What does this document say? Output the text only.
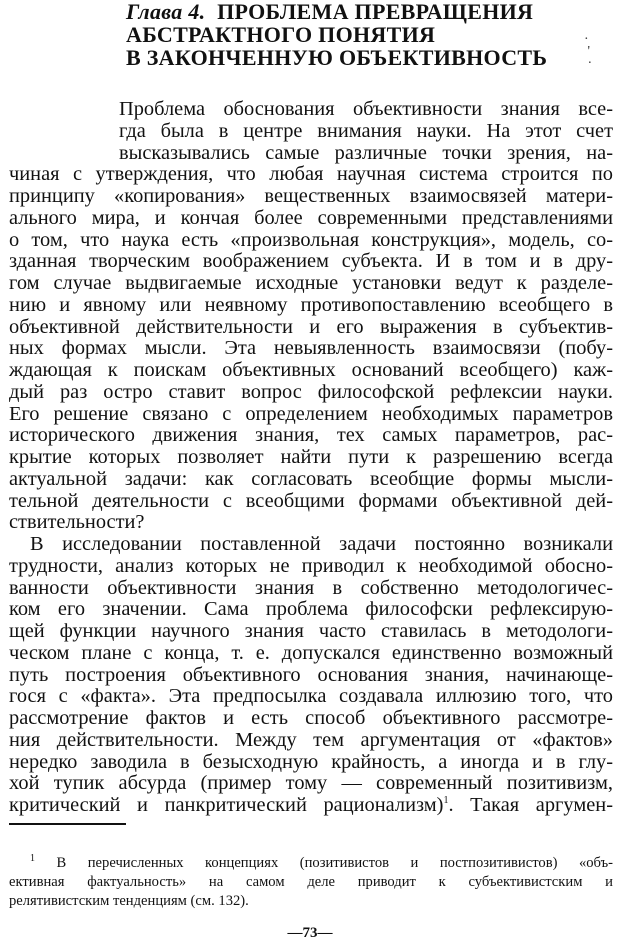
Глава 4. ПРОБЛЕМА ПРЕВРАЩЕНИЯ
АБСТРАКТНОГО ПОНЯТИЯ
В ЗАКОНЧЕННУЮ ОБЪЕКТИВНОСТЬ
·
'
·
Проблема обоснования объективности знания все-
гда была в центре внимания науки. На этот счет
высказывались самые различные точки зрения, на-
чиная с утверждения, что любая научная система строится по
принципу «копирования» вещественных взаимосвязей матери-
ального мира, и кончая более современными представлениями
о том, что наука есть «произвольная конструкция», модель, со-
зданная творческим воображением субъекта. И в том и в дру-
гом случае выдвигаемые исходные установки ведут к разделе-
нию и явному или неявному противопоставлению всеобщего в
объективной действительности и его выражения в субъектив-
ных формах мысли. Эта невыявленность взаимосвязи (побу-
ждающая к поискам объективных оснований всеобщего) каж-
дый раз остро ставит вопрос философской рефлексии науки.
Его решение связано с определением необходимых параметров
исторического движения знания, тех самых параметров, рас-
крытие которых позволяет найти пути к разрешению всегда
актуальной задачи: как согласовать всеобщие формы мысли-
тельной деятельности с всеобщими формами объективной дей-
ствительности?
В исследовании поставленной задачи постоянно возникали
трудности, анализ которых не приводил к необходимой обосно-
ванности объективности знания в собственно методологичес-
ком его значении. Сама проблема философски рефлексирую-
щей функции научного знания часто ставилась в методологи-
ческом плане с конца, т. е. допускался единственно возможный
путь построения объективного основания знания, начинающе-
гося с «факта». Эта предпосылка создавала иллюзию того, что
рассмотрение фактов и есть способ объективного рассмотре-
ния действительности. Между тем аргументация от «фактов»
нередко заводила в безысходную крайность, а иногда и в глу-
хой тупик абсурда (пример тому — современный позитивизм,
критический и панкритический рационализм)$^1$. Такая аргумен-
$^1$ В перечисленных концепциях (позитивистов и постпозитивистов) «объ-
ективная фактуальность» на самом деле приводит к субъективистским и
релятивистским тенденциям (см. 132).
—73—
